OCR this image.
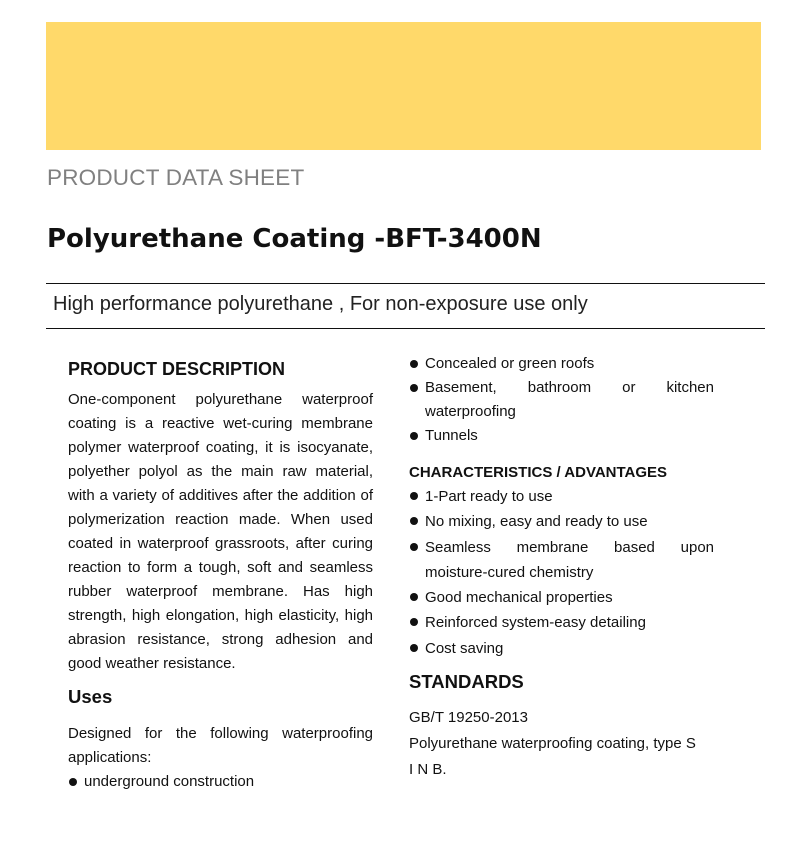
PRODUCT DATA SHEET
Polyurethane Coating -BFT-3400N
High performance polyurethane , For non-exposure use only
PRODUCT DESCRIPTION
One-component polyurethane waterproof coating is a reactive wet-curing membrane polymer waterproof coating, it is isocyanate, polyether polyol as the main raw material, with a variety of additives after the addition of polymerization reaction made. When used coated in waterproof grassroots, after curing reaction to form a tough, soft and seamless rubber waterproof membrane. Has high strength, high elongation, high elasticity, high abrasion resistance, strong adhesion and good weather resistance.
Uses
Designed for the following waterproofing applications:
underground construction
Concealed or green roofs
Basement, bathroom or kitchen
waterproofing
Tunnels
CHARACTERISTICS / ADVANTAGES
1-Part ready to use
No mixing, easy and ready to use
Seamless membrane based upon
moisture-cured chemistry
Good mechanical properties
Reinforced system-easy detailing
Cost saving
STANDARDS
GB/T 19250-2013
Polyurethane waterproofing coating, type S
I N B.
